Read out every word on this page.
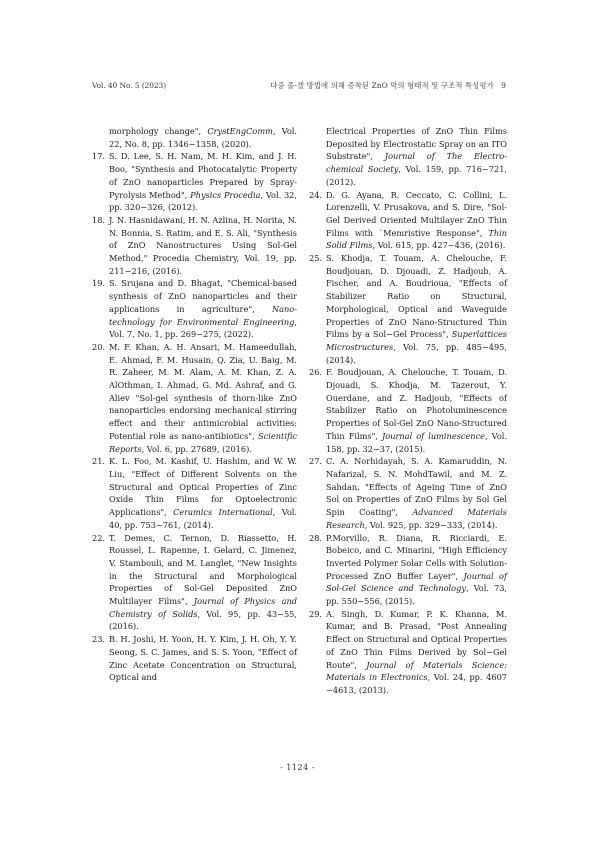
Vol. 40 No. 5 (2023)	다중 졸-겔 방법에 의해 증착된 ZnO 막의 형태적 및 구조적 특성평가 9

morphology change", CrystEngComm, Vol. 22, No. 8, pp. 1346−1358, (2020).

17. S. D. Lee, S. H. Nam, M. H. Kim, and J. H. Boo, "Synthesis and Photocatalytic Property of ZnO nanoparticles Prepared by Spray-Pyrolysis Method", Physics Procedia, Vol. 32, pp. 320−326, (2012).

18. J. N. Hasnidawani, H. N. Azlina, H. Norita, N. N. Bonnia, S. Ratim, and E. S. Ali, "Synthesis of ZnO Nanostructures Using Sol-Gel Method," Procedia Chemistry, Vol. 19, pp. 211−216, (2016).

19. S. Srujana and D. Bhagat, "Chemical-based synthesis of ZnO nanoparticles and their applications in agriculture", Nano-technology for Environmental Engineering, Vol. 7, No. 1, pp. 269−275, (2022).

20. M. F. Khan, A. H. Ansari, M. Hameedullah, E. Ahmad, F. M. Husain, Q. Zia, U. Baig, M. R. Zaheer, M. M. Alam, A. M. Khan, Z. A. AlOthman, I. Ahmad, G. Md. Ashraf, and G. Aliev "Sol-gel synthesis of thorn-like ZnO nanoparticles endorsing mechanical stirring effect and their antimicrobial activities: Potential role as nano-antibiotics", Scientific Reports, Vol. 6, pp. 27689, (2016).

21. K. L. Foo, M. Kashif, U. Hashim, and W. W. Liu, "Effect of Different Solvents on the Structural and Optical Properties of Zinc Oxide Thin Films for Optoelectronic Applications", Ceramics International, Vol. 40, pp. 753−761, (2014).

22. T. Demes, C. Ternon, D. Riassetto, H. Roussel, L. Rapenne, I. Gelard, C. Jimenez, V. Stambouli, and M. Langlet, "New Insights in the Structural and Morphological Properties of Sol-Gel Deposited ZnO Multilayer Films", Journal of Physics and Chemistry of Solids, Vol. 95, pp. 43−55, (2016).

23. B. H. Joshi, H. Yoon, H. Y. Kim, J. H. Oh, Y. Y. Seong, S. C. James, and S. S. Yoon, "Effect of Zinc Acetate Concentration on Structural, Optical and

Electrical Properties of ZnO Thin Films Deposited by Electrostatic Spray on an ITO Substrate", Journal of The Electro-chemical Society, Vol. 159, pp. 716−721, (2012).

24. D. G. Ayana, R. Ceccato, C. Collini, L. Lorenzelli, V. Prusakova, and S. Dire, "Sol-Gel Derived Oriented Multilayer ZnO Thin Films with `Memristive Response", Thin Solid Films, Vol. 615, pp. 427−436, (2016).

25. S. Khodja, T. Touam, A. Chelouche, F. Boudjouan, D. Djouadi, Z. Hadjoub, A. Fischer, and A. Boudrioua, "Effects of Stabilizer Ratio on Structural, Morphological, Optical and Waveguide Properties of ZnO Nano-Structured Thin Films by a Sol−Gel Process", Superlattices Microstructures, Vol. 75, pp. 485−495, (2014).

26. F. Boudjouan, A. Chelouche, T. Touam, D. Djouadi, S. Khodja, M. Tazerout, Y. Ouerdane, and Z. Hadjoub, "Effects of Stabilizer Ratio on Photoluminescence Properties of Sol-Gel ZnO Nano-Structured Thin Films", Journal of luminescence, Vol. 158, pp. 32−37, (2015).

27. C. A. Norhidayah, S. A. Kamaruddin, N. Nafarizal, S. N. MohdTawil, and M. Z. Sahdan, "Effects of Ageing Time of ZnO Sol on Properties of ZnO Films by Sol Gel Spin Coating", Advanced Materials Research, Vol. 925, pp. 329−333, (2014).

28. P.Morvillo, R. Diana, R. Ricciardi, E. Bobeico, and C. Minarini, "High Efficiency Inverted Polymer Solar Cells with Solution-Processed ZnO Buffer Layer", Journal of Sol-Gel Science and Technology, Vol. 73, pp. 550−556, (2015).

29. A. Singh, D. Kumar, P. K. Khanna, M. Kumar, and B. Prasad, "Post Annealing Effect on Structural and Optical Properties of ZnO Thin Films Derived by Sol−Gel Route", Journal of Materials Science: Materials in Electronics, Vol. 24, pp. 4607 −4613, (2013).

- 1124 -
